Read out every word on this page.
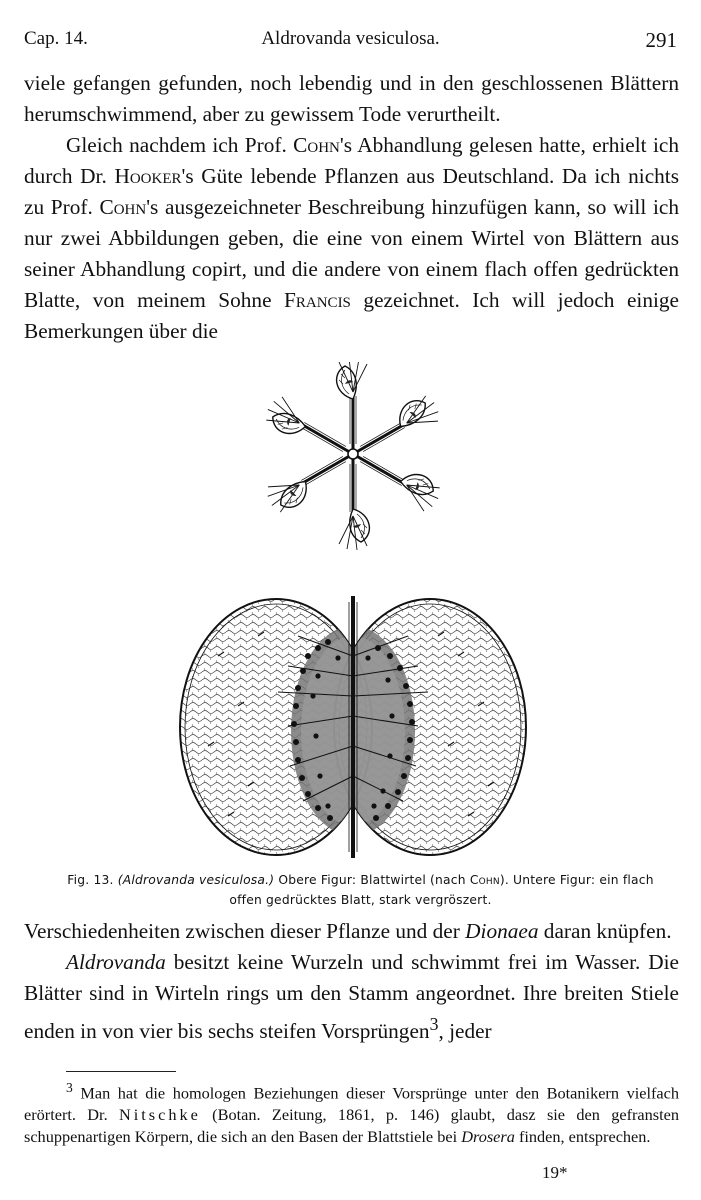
Cap. 14.	Aldrovanda vesiculosa.	291

viele gefangen gefunden, noch lebendig und in den geschlossenen Blättern herumschwimmend, aber zu gewissem Tode verurtheilt.

Gleich nachdem ich Prof. Cohn's Abhandlung gelesen hatte, erhielt ich durch Dr. Hooker's Güte lebende Pflanzen aus Deutschland. Da ich nichts zu Prof. Cohn's ausgezeichneter Beschreibung hinzufügen kann, so will ich nur zwei Abbildungen geben, die eine von einem Wirtel von Blättern aus seiner Abhandlung copirt, und die andere von einem flach offen gedrückten Blatte, von meinem Sohne Francis gezeichnet. Ich will jedoch einige Bemerkungen über die

Fig. 13. (Aldrovanda vesiculosa.) Obere Figur: Blattwirtel (nach Cohn). Untere Figur: ein flach offen gedrücktes Blatt, stark vergröszert.

Verschiedenheiten zwischen dieser Pflanze und der Dionaea daran knüpfen.

Aldrovanda besitzt keine Wurzeln und schwimmt frei im Wasser. Die Blätter sind in Wirteln rings um den Stamm angeordnet. Ihre breiten Stiele enden in von vier bis sechs steifen Vorsprüngen$^3$, jeder

$^3$ Man hat die homologen Beziehungen dieser Vorsprünge unter den Botanikern vielfach erörtert. Dr. Nitschke (Botan. Zeitung, 1861, p. 146) glaubt, dasz sie den gefransten schuppenartigen Körpern, die sich an den Basen der Blattstiele bei Drosera finden, entsprechen.

19*
